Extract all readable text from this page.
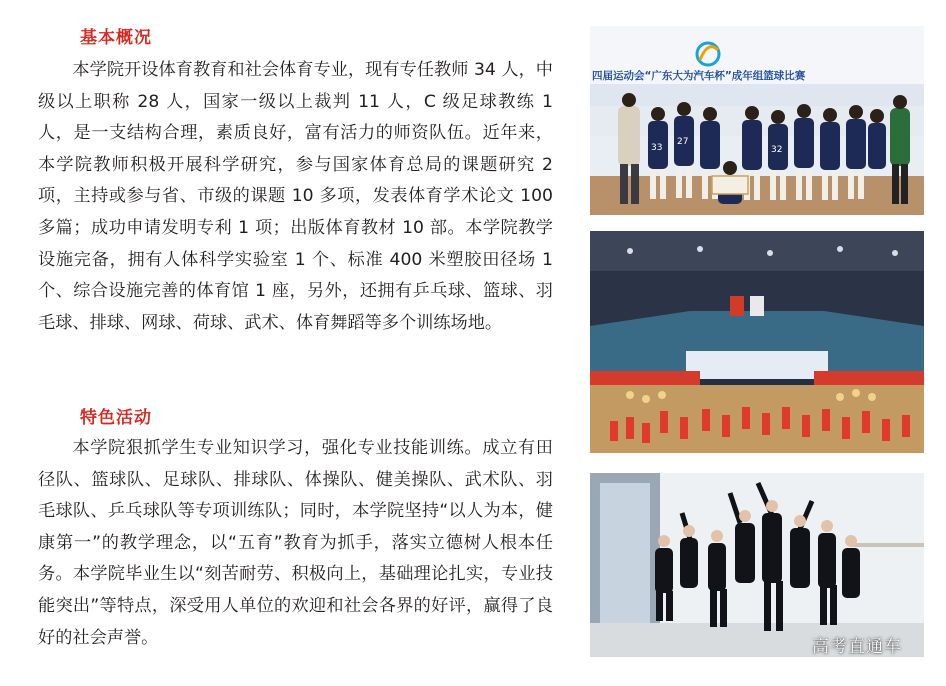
基本概况

本学院开设体育教育和社会体育专业，现有专任教师 34 人，中级以上职称 28 人，国家一级以上裁判 11 人，C 级足球教练 1 人，是一支结构合理，素质良好，富有活力的师资队伍。近年来，本学院教师积极开展科学研究，参与国家体育总局的课题研究 2 项，主持或参与省、市级的课题 10 多项，发表体育学术论文 100 多篇；成功申请发明专利 1 项；出版体育教材 10 部。本学院教学设施完备，拥有人体科学实验室 1 个、标准 400 米塑胶田径场 1 个、综合设施完善的体育馆 1 座，另外，还拥有乒乓球、篮球、羽毛球、排球、网球、荷球、武术、体育舞蹈等多个训练场地。

特色活动

本学院狠抓学生专业知识学习，强化专业技能训练。成立有田径队、篮球队、足球队、排球队、体操队、健美操队、武术队、羽毛球队、乒乓球队等专项训练队；同时，本学院坚持“以人为本，健康第一”的教学理念，以“五育”教育为抓手，落实立德树人根本任务。本学院毕业生以“刻苦耐劳、积极向上，基础理论扎实，专业技能突出”等特点，深受用人单位的欢迎和社会各界的好评，赢得了良好的社会声誉。

四届运动会“广东大为汽车杯”成年组篮球比赛
33
27
32
高考直通车
